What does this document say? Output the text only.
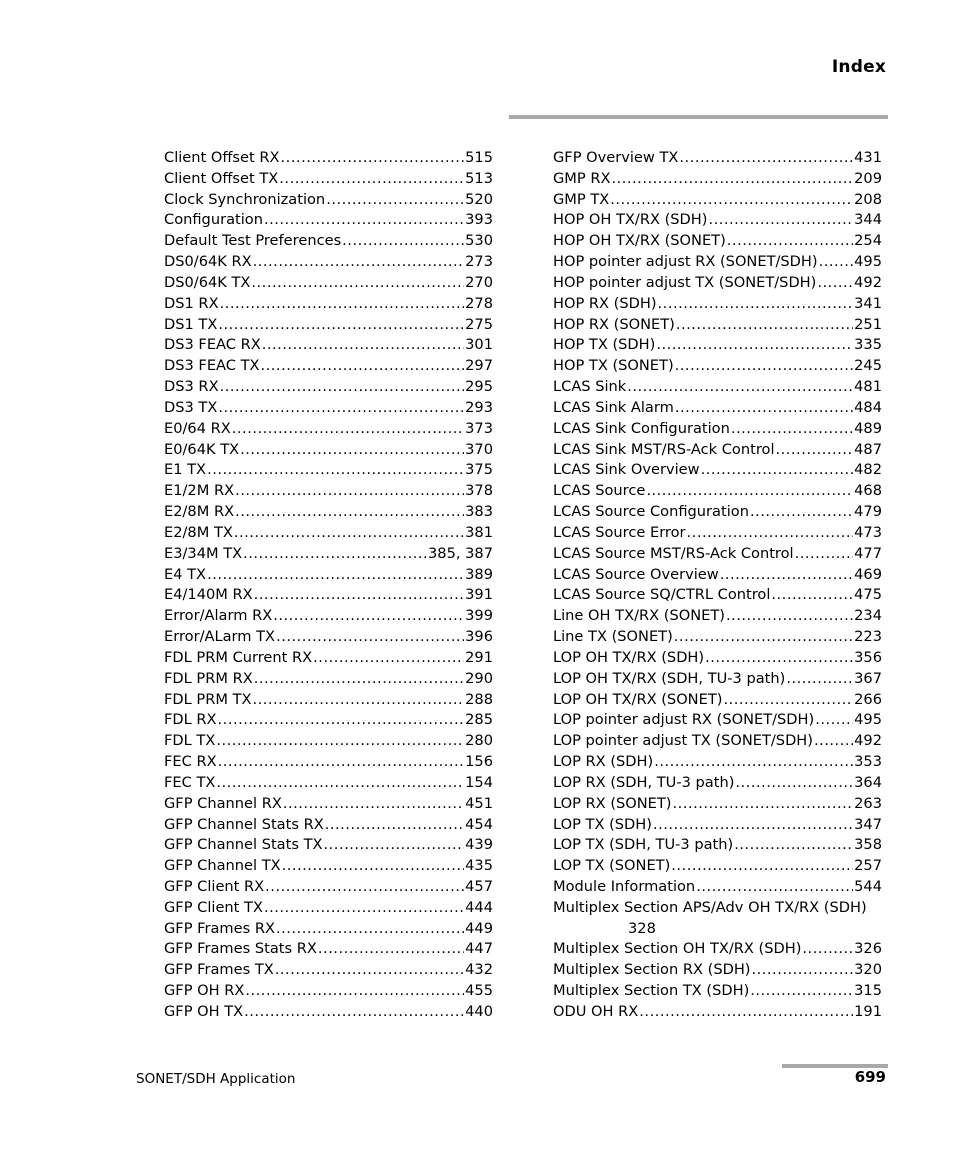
Index
Client Offset RX .....	515
Client Offset TX .....	513
Clock Synchronization .....	520
Configuration .....	393
Default Test Preferences .....	530
DS0/64K RX .....	273
DS0/64K TX .....	270
DS1 RX .....	278
DS1 TX .....	275
DS3 FEAC RX .....	301
DS3 FEAC TX .....	297
DS3 RX .....	295
DS3 TX .....	293
E0/64 RX .....	373
E0/64K TX .....	370
E1 TX .....	375
E1/2M RX .....	378
E2/8M RX .....	383
E2/8M TX .....	381
E3/34M TX .....	385, 387
E4 TX .....	389
E4/140M RX .....	391
Error/Alarm RX .....	399
Error/ALarm TX .....	396
FDL PRM Current RX .....	291
FDL PRM RX .....	290
FDL PRM TX .....	288
FDL RX .....	285
FDL TX .....	280
FEC RX .....	156
FEC TX .....	154
GFP Channel RX .....	451
GFP Channel Stats RX .....	454
GFP Channel Stats TX .....	439
GFP Channel TX .....	435
GFP Client RX .....	457
GFP Client TX .....	444
GFP Frames RX .....	449
GFP Frames Stats RX .....	447
GFP Frames TX .....	432
GFP OH RX .....	455
GFP OH TX .....	440
GFP Overview TX .....	431
GMP RX .....	209
GMP TX .....	208
HOP OH TX/RX (SDH) .....	344
HOP OH TX/RX (SONET) .....	254
HOP pointer adjust RX (SONET/SDH) .....	495
HOP pointer adjust TX (SONET/SDH) .....	492
HOP RX (SDH) .....	341
HOP RX (SONET) .....	251
HOP TX (SDH) .....	335
HOP TX (SONET) .....	245
LCAS Sink .....	481
LCAS Sink Alarm .....	484
LCAS Sink Configuration .....	489
LCAS Sink MST/RS-Ack Control .....	487
LCAS Sink Overview .....	482
LCAS Source .....	468
LCAS Source Configuration .....	479
LCAS Source Error .....	473
LCAS Source MST/RS-Ack Control .....	477
LCAS Source Overview .....	469
LCAS Source SQ/CTRL Control .....	475
Line OH TX/RX (SONET) .....	234
Line TX (SONET) .....	223
LOP OH TX/RX (SDH) .....	356
LOP OH TX/RX (SDH, TU-3 path) .....	367
LOP OH TX/RX (SONET) .....	266
LOP pointer adjust RX (SONET/SDH) .....	495
LOP pointer adjust TX (SONET/SDH) .....	492
LOP RX (SDH) .....	353
LOP RX (SDH, TU-3 path) .....	364
LOP RX (SONET) .....	263
LOP TX (SDH) .....	347
LOP TX (SDH, TU-3 path) .....	358
LOP TX (SONET) .....	257
Module Information .....	544
Multiplex Section APS/Adv OH TX/RX (SDH)
328
Multiplex Section OH TX/RX (SDH) .....	326
Multiplex Section RX (SDH) .....	320
Multiplex Section TX (SDH) .....	315
ODU OH RX .....	191
SONET/SDH Application	699
